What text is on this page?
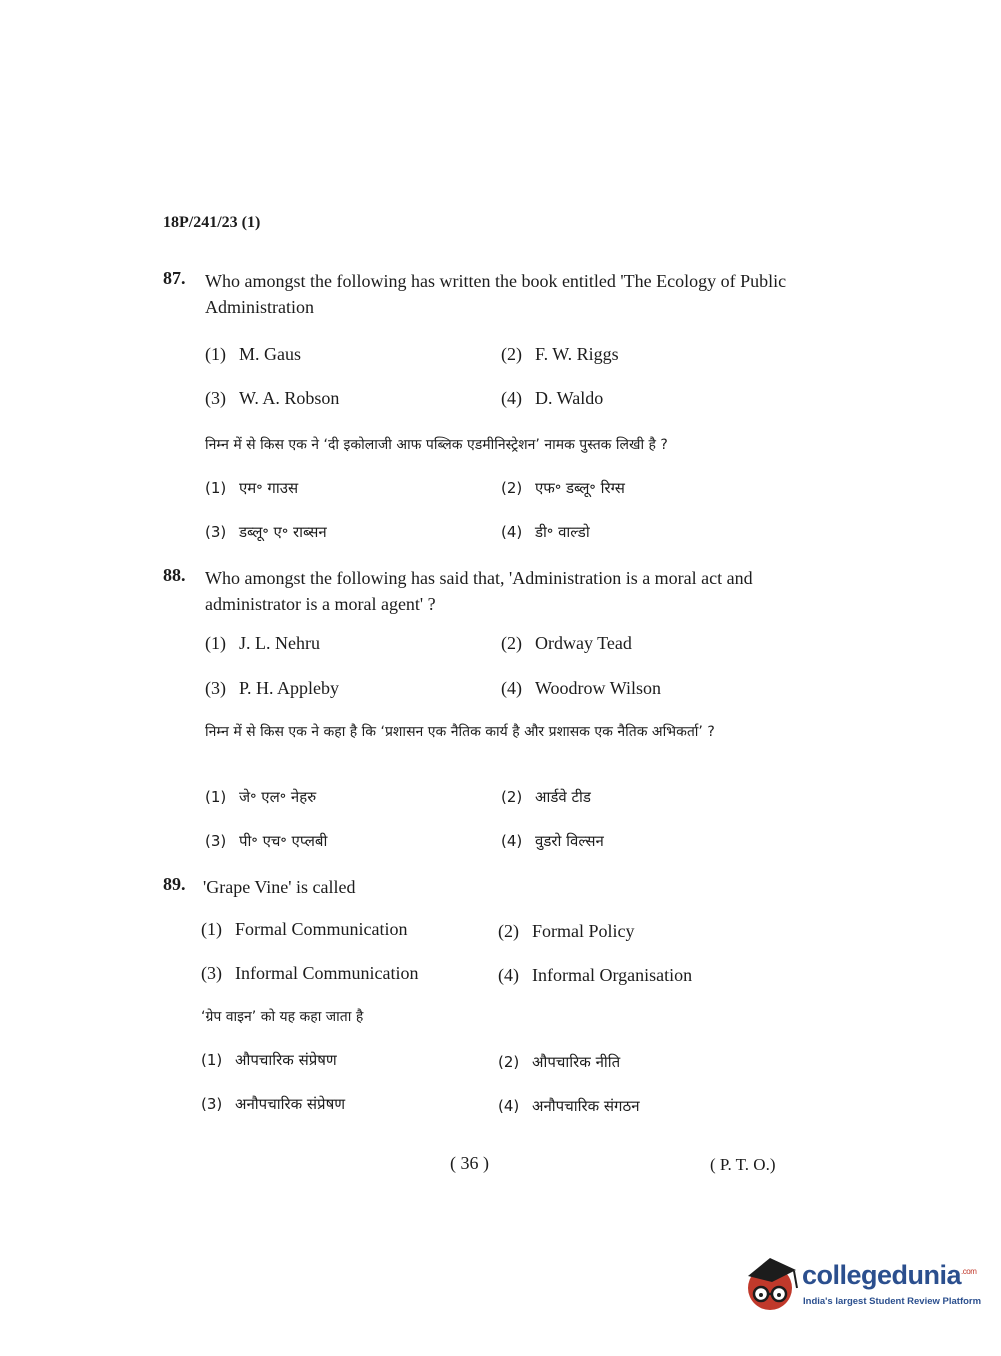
18P/241/23 (1)
87. Who amongst the following has written the book entitled 'The Ecology of Public Administration
(1) M. Gaus	(2) F. W. Riggs
(3) W. A. Robson	(4) D. Waldo
निम्न में से किस एक ने ‘दी इकोलाजी आफ पब्लिक एडमीनिस्ट्रेशन’ नामक पुस्तक लिखी है ?
(1) एम॰ गाउस	(2) एफ॰ डब्लू॰ रिग्स
(3) डब्लू॰ ए॰ राब्सन	(4) डी॰ वाल्डो
88. Who amongst the following has said that, 'Administration is a moral act and administrator is a moral agent' ?
(1) J. L. Nehru	(2) Ordway Tead
(3) P. H. Appleby	(4) Woodrow Wilson
निम्न में से किस एक ने कहा है कि ‘प्रशासन एक नैतिक कार्य है और प्रशासक एक नैतिक अभिकर्ता’ ?
(1) जे॰ एल॰ नेहरु	(2) आर्डवे टीड
(3) पी॰ एच॰ एप्लबी	(4) वुडरो विल्सन
89. 'Grape Vine' is called
(1) Formal Communication	(2) Formal Policy
(3) Informal Communication	(4) Informal Organisation
‘ग्रेप वाइन’ को यह कहा जाता है
(1) औपचारिक संप्रेषण	(2) औपचारिक नीति
(3) अनौपचारिक संप्रेषण	(4) अनौपचारिक संगठन
( 36 )	( P. T. O.)
collegedunia$^{.com}$
India's largest Student Review Platform
